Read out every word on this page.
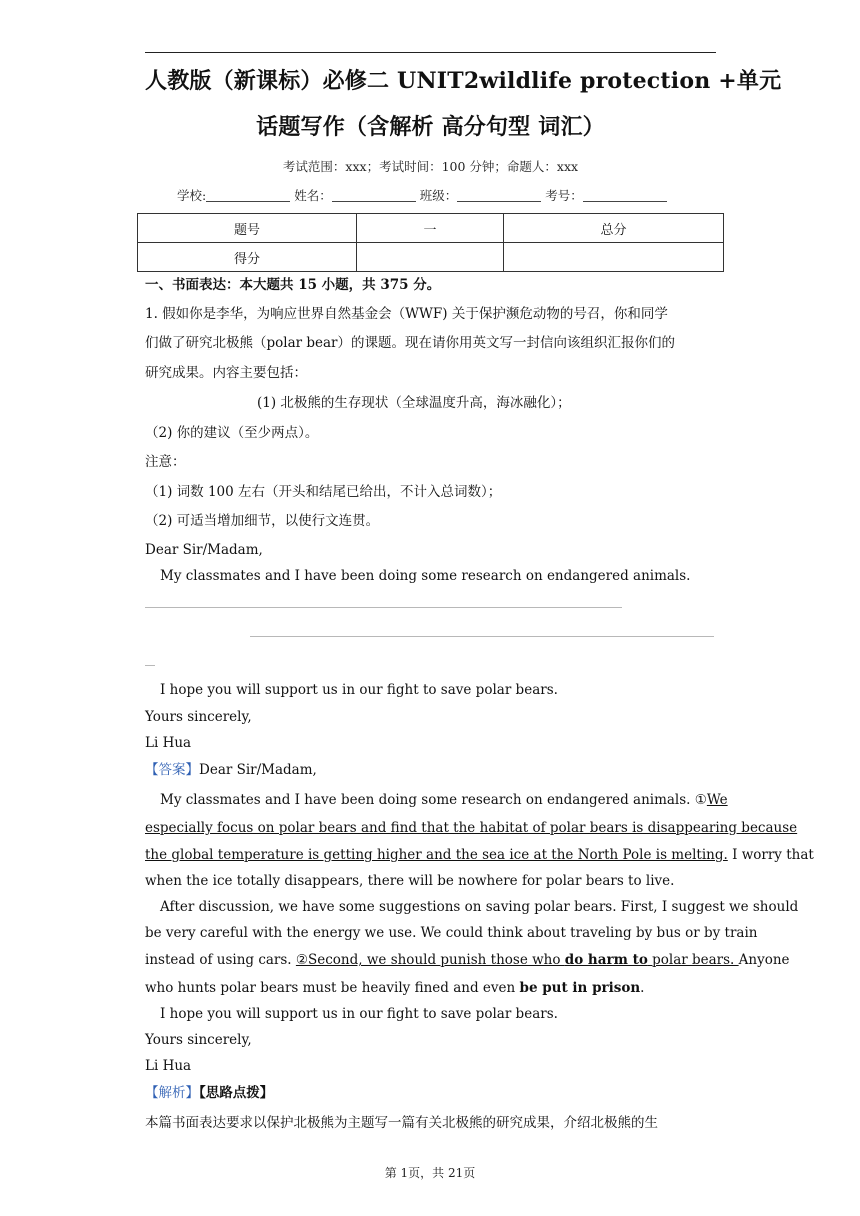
人教版（新课标）必修二 UNIT2wildlife protection +单元
话题写作（含解析 高分句型 词汇）
考试范围：xxx；考试时间：100 分钟；命题人：xxx
学校:	姓名：	班级：	考号：
题号	一	总分
得分		
一、书面表达：本大题共 15 小题，共 375 分。
1. 假如你是李华，为响应世界自然基金会（WWF) 关于保护濒危动物的号召，你和同学
们做了研究北极熊（polar bear）的课题。现在请你用英文写一封信向该组织汇报你们的
研究成果。内容主要包括：
(1) 北极熊的生存现状（全球温度升高，海冰融化）；
（2) 你的建议（至少两点）。
注意：
（1) 词数 100 左右（开头和结尾已给出，不计入总词数）；
（2) 可适当增加细节，以使行文连贯。
Dear Sir/Madam,
My classmates and I have been doing some research on endangered animals.
I hope you will support us in our fight to save polar bears.
Yours sincerely,
Li Hua
【答案】Dear Sir/Madam,
My classmates and I have been doing some research on endangered animals. ①We
especially focus on polar bears and find that the habitat of polar bears is disappearing because
the global temperature is getting higher and the sea ice at the North Pole is melting. I worry that
when the ice totally disappears, there will be nowhere for polar bears to live.
After discussion, we have some suggestions on saving polar bears. First, I suggest we should
be very careful with the energy we use. We could think about traveling by bus or by train
instead of using cars. ②Second, we should punish those who do harm to polar bears. Anyone
who hunts polar bears must be heavily fined and even be put in prison.
I hope you will support us in our fight to save polar bears.
Yours sincerely,
Li Hua
【解析】【思路点拨】
本篇书面表达要求以保护北极熊为主题写一篇有关北极熊的研究成果，介绍北极熊的生
第 1页，共 21页
